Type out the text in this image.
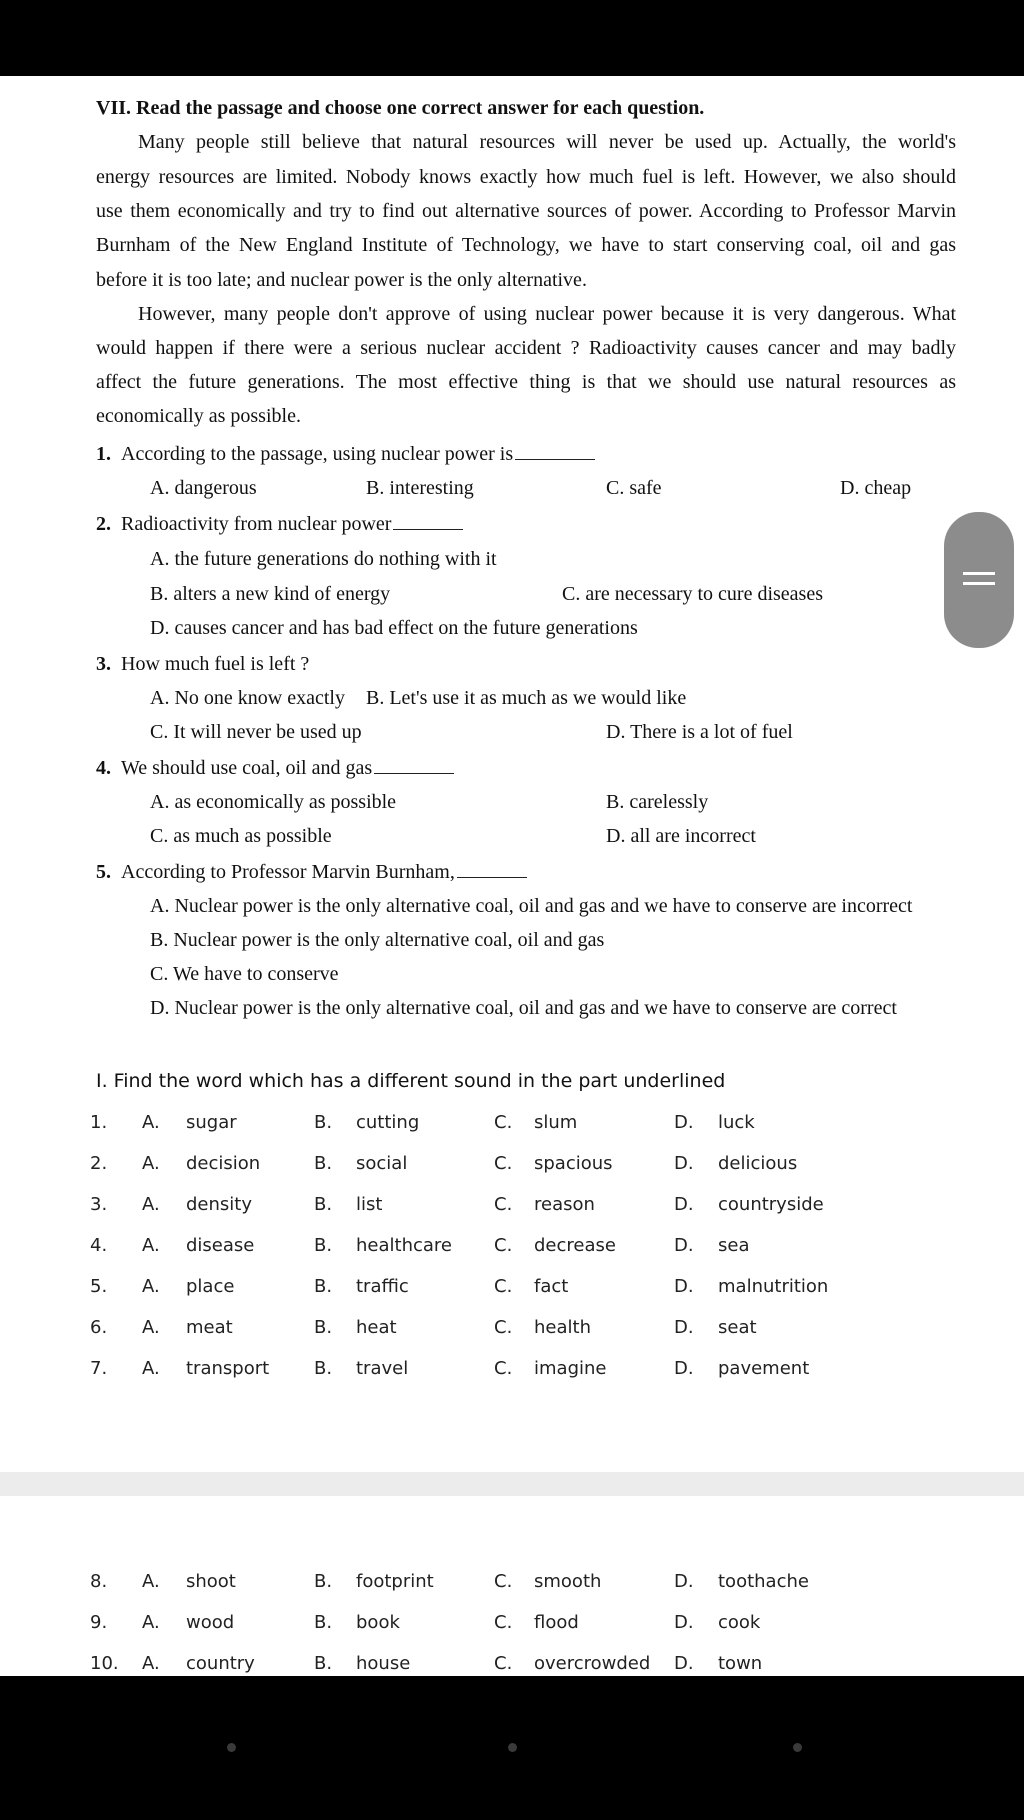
VII. Read the passage and choose one correct answer for each question.
Many people still believe that natural resources will never be used up. Actually, the world's
energy resources are limited. Nobody knows exactly how much fuel is left. However, we also should
use them economically and try to find out alternative sources of power. According to Professor Marvin
Burnham of the New England Institute of Technology, we have to start conserving coal, oil and gas
before it is too late; and nuclear power is the only alternative.
However, many people don't approve of using nuclear power because it is very dangerous. What
would happen if there were a serious nuclear accident ? Radioactivity causes cancer and may badly
affect the future generations. The most effective thing is that we should use natural resources as
economically as possible.
1. According to the passage, using nuclear power is
A. dangerous	B. interesting	C. safe	D. cheap
2. Radioactivity from nuclear power
A. the future generations do nothing with it
B. alters a new kind of energy	C. are necessary to cure diseases
D. causes cancer and has bad effect on the future generations
3. How much fuel is left ?
A. No one know exactly B. Let's use it as much as we would like
C. It will never be used up	D. There is a lot of fuel
4. We should use coal, oil and gas
A. as economically as possible	B. carelessly
C. as much as possible	D. all are incorrect
5. According to Professor Marvin Burnham,
A. Nuclear power is the only alternative coal, oil and gas and we have to conserve are incorrect
B. Nuclear power is the only alternative coal, oil and gas
C. We have to conserve
D. Nuclear power is the only alternative coal, oil and gas and we have to conserve are correct
I. Find the word which has a different sound in the part underlined
1. A. sugar	B. cutting	C. slum	D. luck
2. A. decision	B. social	C. spacious	D. delicious
3. A. density	B. list	C. reason	D. countryside
4. A. disease	B. healthcare C. decrease	D. sea
5. A. place	B. traffic	C. fact	D. malnutrition
6. A. meat	B. heat	C. health	D. seat
7. A. transport B. travel	C. imagine	D. pavement
8. A. shoot	B. footprint	C. smooth	D. toothache
9. A. wood	B. book	C. flood	D. cook
10. A. country	B. house	C. overcrowded D. town
